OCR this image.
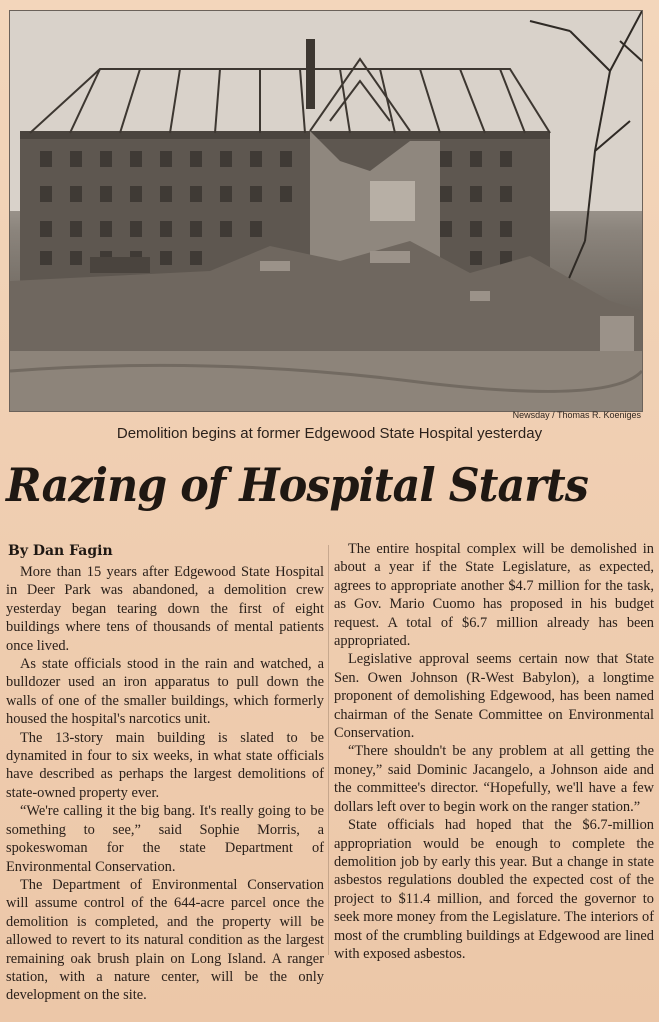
Newsday / Thomas R. Koeniges
Demolition begins at former Edgewood State Hospital yesterday
Razing of Hospital Starts
By Dan Fagin

More than 15 years after Edgewood State Hospital in Deer Park was abandoned, a demolition crew yesterday began tearing down the first of eight buildings where tens of thousands of mental patients once lived.

As state officials stood in the rain and watched, a bulldozer used an iron apparatus to pull down the walls of one of the smaller buildings, which formerly housed the hospital's narcotics unit.

The 13-story main building is slated to be dynamited in four to six weeks, in what state officials have described as perhaps the largest demolitions of state-owned property ever.

“We're calling it the big bang. It's really going to be something to see,” said Sophie Morris, a spokeswoman for the state Department of Environmental Conservation.

The Department of Environmental Conservation will assume control of the 644-acre parcel once the demolition is completed, and the property will be allowed to revert to its natural condition as the largest remaining oak brush plain on Long Island. A ranger station, with a nature center, will be the only development on the site.

The entire hospital complex will be demolished in about a year if the State Legislature, as expected, agrees to appropriate another $4.7 million for the task, as Gov. Mario Cuomo has proposed in his budget request. A total of $6.7 million already has been appropriated.

Legislative approval seems certain now that State Sen. Owen Johnson (R-West Babylon), a longtime proponent of demolishing Edgewood, has been named chairman of the Senate Committee on Environmental Conservation.

“There shouldn't be any problem at all getting the money,” said Dominic Jacangelo, a Johnson aide and the committee's director. “Hopefully, we'll have a few dollars left over to begin work on the ranger station.”

State officials had hoped that the $6.7-million appropriation would be enough to complete the demolition job by early this year. But a change in state asbestos regulations doubled the expected cost of the project to $11.4 million, and forced the governor to seek more money from the Legislature. The interiors of most of the crumbling buildings at Edgewood are lined with exposed asbestos.
